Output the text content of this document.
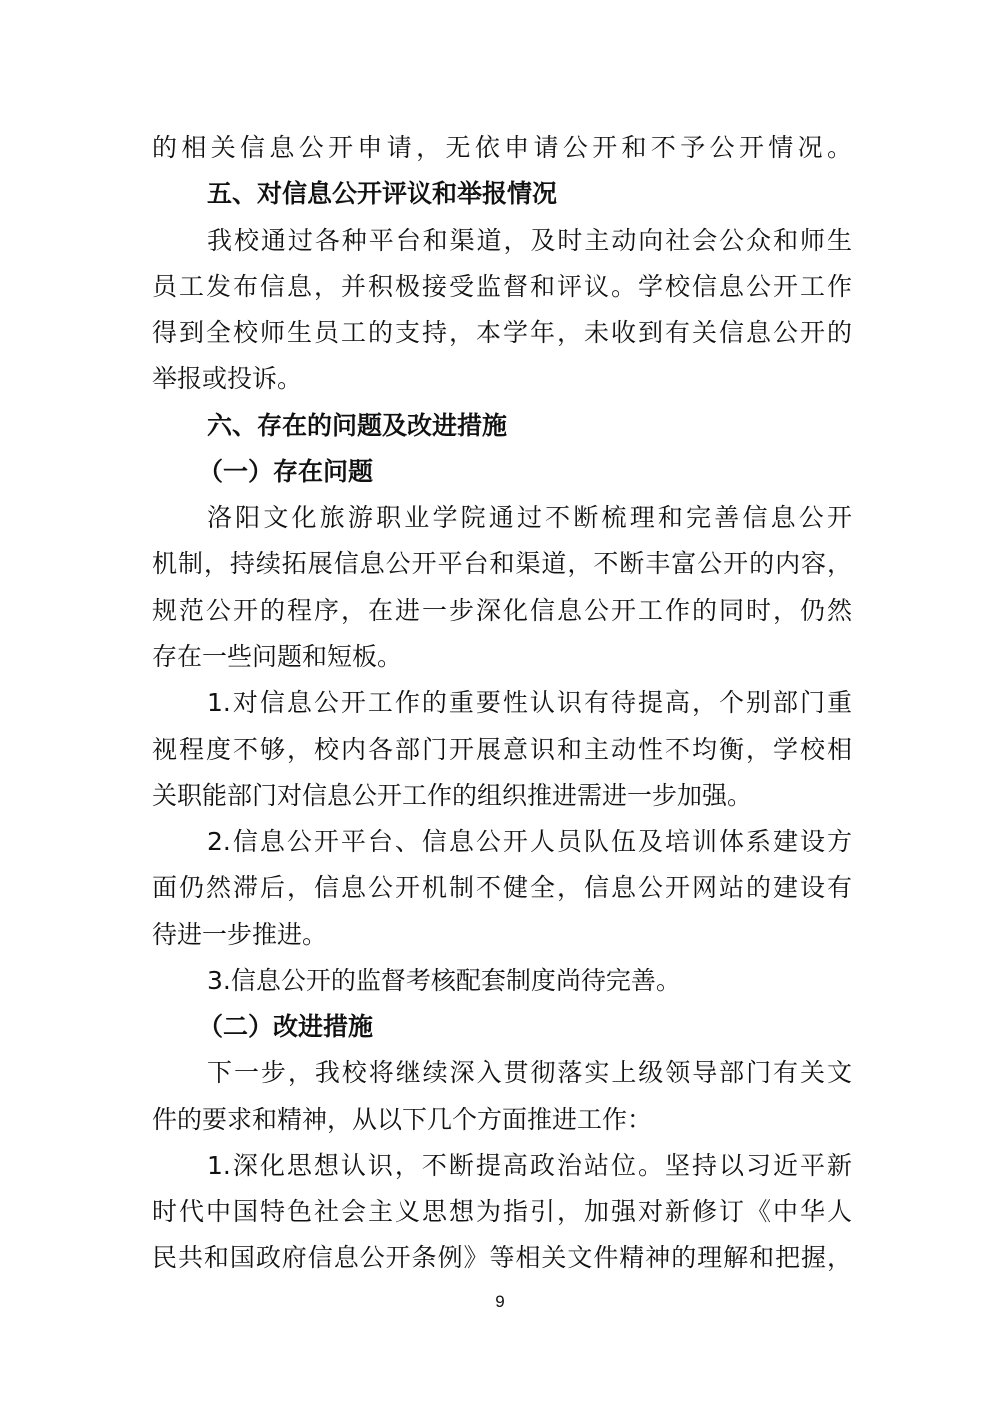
的相关信息公开申请，无依申请公开和不予公开情况。
五、对信息公开评议和举报情况
我校通过各种平台和渠道，及时主动向社会公众和师生
员工发布信息，并积极接受监督和评议。学校信息公开工作
得到全校师生员工的支持，本学年，未收到有关信息公开的
举报或投诉。
六、存在的问题及改进措施
（一）存在问题
洛阳文化旅游职业学院通过不断梳理和完善信息公开
机制，持续拓展信息公开平台和渠道，不断丰富公开的内容，
规范公开的程序，在进一步深化信息公开工作的同时，仍然
存在一些问题和短板。
1.对信息公开工作的重要性认识有待提高，个别部门重
视程度不够，校内各部门开展意识和主动性不均衡，学校相
关职能部门对信息公开工作的组织推进需进一步加强。
2.信息公开平台、信息公开人员队伍及培训体系建设方
面仍然滞后，信息公开机制不健全，信息公开网站的建设有
待进一步推进。
3.信息公开的监督考核配套制度尚待完善。
（二）改进措施
下一步，我校将继续深入贯彻落实上级领导部门有关文
件的要求和精神，从以下几个方面推进工作：
1.深化思想认识，不断提高政治站位。坚持以习近平新
时代中国特色社会主义思想为指引，加强对新修订《中华人
民共和国政府信息公开条例》等相关文件精神的理解和把握，
9
